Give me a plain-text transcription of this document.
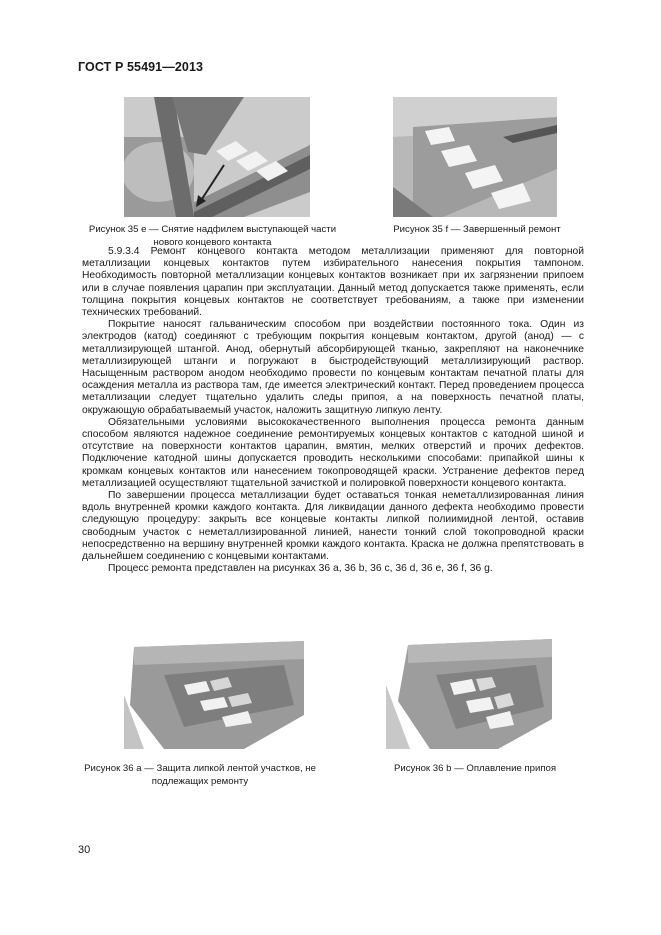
ГОСТ Р 55491—2013
Рисунок 35 e — Снятие надфилем выступающей части
нового концевого контакта
Рисунок 35 f — Завершенный ремонт

5.9.3.4 Ремонт концевого контакта методом металлизации применяют для повторной металлизации концевых контактов путем избирательного нанесения покрытия тампоном. Необходимость повторной металлизации концевых контактов возникает при их загрязнении припоем или в случае появления царапин при эксплуатации. Данный метод допускается также применять, если толщина покрытия концевых контактов не соответствует требованиям, а также при изменении технических требований.

Покрытие наносят гальваническим способом при воздействии постоянного тока. Один из электродов (катод) соединяют с требующим покрытия концевым контактом, другой (анод) — с металлизирующей штангой. Анод, обернутый абсорбирующей тканью, закрепляют на наконечнике металлизирующей штанги и погружают в быстродействующий металлизирующий раствор. Насыщенным раствором анодом необходимо провести по концевым контактам печатной платы для осаждения металла из раствора там, где имеется электрический контакт. Перед проведением процесса металлизации следует тщательно удалить следы припоя, а на поверхность печатной платы, окружающую обрабатываемый участок, наложить защитную липкую ленту.

Обязательными условиями высококачественного выполнения процесса ремонта данным способом являются надежное соединение ремонтируемых концевых контактов с катодной шиной и отсутствие на поверхности контактов царапин, вмятин, мелких отверстий и прочих дефектов. Подключение катодной шины допускается проводить несколькими способами: припайкой шины к кромкам концевых контактов или нанесением токопроводящей краски. Устранение дефектов перед металлизацией осуществляют тщательной зачисткой и полировкой поверхности концевого контакта.

По завершении процесса металлизации будет оставаться тонкая неметаллизированная линия вдоль внутренней кромки каждого контакта. Для ликвидации данного дефекта необходимо провести следующую процедуру: закрыть все концевые контакты липкой полиимидной лентой, оставив свободным участок с неметаллизированной линией, нанести тонкий слой токопроводной краски непосредственно на вершину внутренней кромки каждого контакта. Краска не должна препятствовать в дальнейшем соединению с концевыми контактами.

Процесс ремонта представлен на рисунках 36 a, 36 b, 36 c, 36 d, 36 e, 36 f, 36 g.

Рисунок 36 a — Защита липкой лентой участков, не
подлежащих ремонту
Рисунок 36 b — Оплавление припоя
30
